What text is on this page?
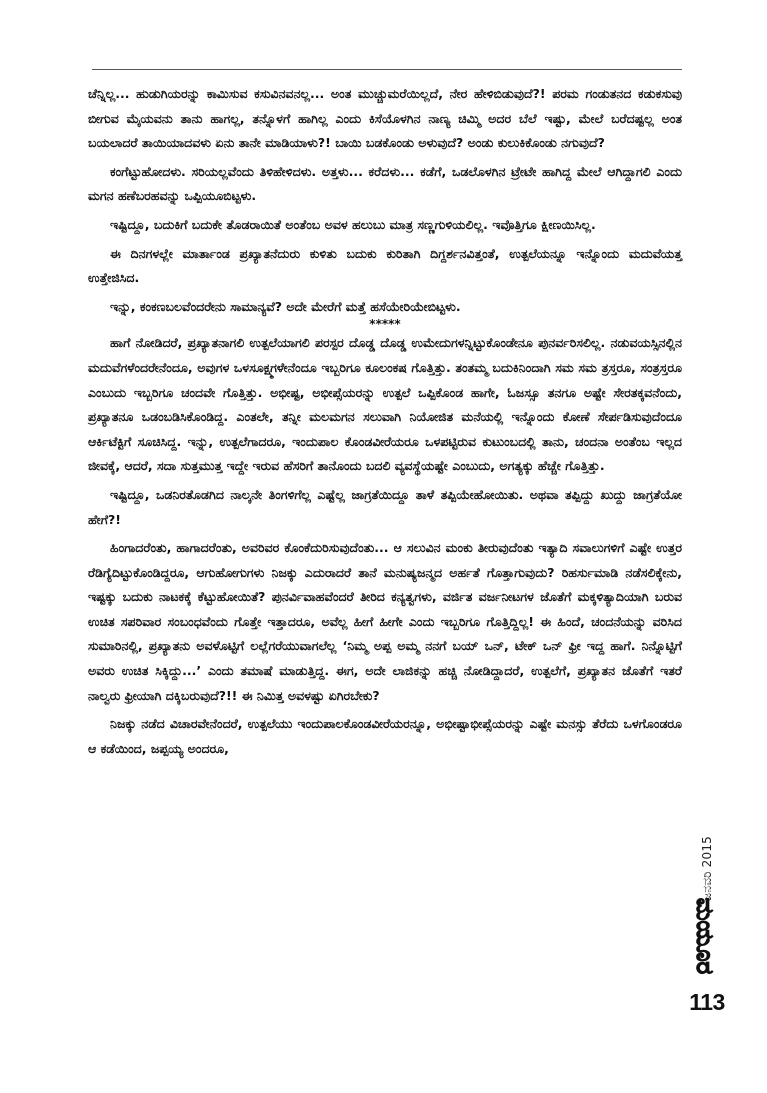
ಚೆನ್ನಿಲ್ಲ... ಹುಡುಗಿಯರನ್ನು ಕಾಮಿಸುವ ಕಸುವಿನವನಲ್ಲ... ಅಂತ ಮುಚ್ಚುಮರೆಯಿಲ್ಲದೆ, ನೇರ ಹೇಳಿಬಿಡುವುದೆ?! ಪರಮ ಗಂಡುತನದ ಕಡುಕಸುವು ಬೀಗುವ ಮೈಯವನು ತಾನು ಹಾಗಲ್ಲ, ತನ್ನೊಳಗೆ ಹಾಗಿಲ್ಲ ಎಂದು ಕಿಸೆಯೊಳಗಿನ ನಾಣ್ಯ ಚಿಮ್ಮಿ ಅದರ ಬೆಲೆ ಇಷ್ಟು, ಮೇಲೆ ಬರೆದಷ್ಟಲ್ಲ ಅಂತ ಬಯಲಾದರೆ ತಾಯಿಯಾದವಳು ಏನು ತಾನೇ ಮಾಡಿಯಾಳು?! ಬಾಯಿ ಬಡಕೊಂಡು ಅಳುವುದೆ? ಅಂಡು ಕುಲುಕಿಕೊಂಡು ನಗುವುದೆ?

ಕಂಗೆಟ್ಟುಹೋದಳು. ಸರಿಯಲ್ಲವೆಂದು ತಿಳಿಹೇಳಿದಳು. ಅತ್ತಳು... ಕರೆದಳು... ಕಡೆಗೆ, ಒಡಲೊಳಗಿನ ಟ್ರೇಟೇ ಹಾಗಿದ್ದ ಮೇಲೆ ಆಗಿದ್ದಾಗಲಿ ಎಂದು ಮಗನ ಹಣೆಬರಹವನ್ನು ಒಪ್ಪಿಯೂಬಿಟ್ಟಳು.

ಇಷ್ಟಿದ್ದೂ, ಬದುಕಿಗೆ ಬದುಕೇ ತೊಡರಾಯಿತೆ ಅಂತೆಂಬ ಅವಳ ಹಲುಬು ಮಾತ್ರ ಸಣ್ಣಗುಳಿಯಲಿಲ್ಲ. ಇವೊತ್ತಿಗೂ ಕ್ಷೀಣಯಿಸಿಲ್ಲ.

ಈ ದಿನಗಳಲ್ಲೇ ಮಾರ್ತಾಂಡ ಪ್ರಖ್ಯಾತನೆದುರು ಕುಳಿತು ಬದುಕು ಕುರಿತಾಗಿ ದಿಗ್ದರ್ಶನವಿತ್ತಂತೆ, ಉತ್ಪಲೆಯನ್ನೂ ಇನ್ನೊಂದು ಮದುವೆಯತ್ತ ಉತ್ತೇಜಿಸಿದ.

ಇನ್ನು, ಕಂಕಣಬಲವೆಂದರೇನು ಸಾಮಾನ್ಯವೆ? ಅದೇ ಮೇರೆಗೆ ಮತ್ತೆ ಹಸೆಯೇರಿಯೇಬಿಟ್ಟಳು.

*****

ಹಾಗೆ ನೋಡಿದರೆ, ಪ್ರಖ್ಯಾತನಾಗಲಿ ಉತ್ಪಲೆಯಾಗಲಿ ಪರಸ್ಪರ ದೊಡ್ಡ ದೊಡ್ಡ ಉಮೇದುಗಳನ್ನಿಟ್ಟುಕೊಂಡೇನೂ ಪುನರ್ವರಿಸಲಿಲ್ಲ. ನಡುವಯಸ್ಸಿನಲ್ಲಿನ ಮದುವೆಗಳೆಂದರೇನೆಂದೂ, ಅವುಗಳ ಒಳಸೂಕ್ಷ್ಮಗಳೇನೆಂದೂ ಇಬ್ಬರಿಗೂ ಕೂಲಂಕಷ ಗೊತ್ತಿತ್ತು. ತಂತಮ್ಮ ಬದುಕಿನಿಂದಾಗಿ ಸಮ ಸಮ ತ್ರಸ್ತರೂ, ಸಂತ್ರಸ್ತರೂ ಎಂಬುದು ಇಬ್ಬರಿಗೂ ಚಂದವೇ ಗೊತ್ತಿತ್ತು. ಅಭೀಷ್ಟ, ಅಭೀಪ್ಸೆಯರನ್ನು ಉತ್ಪಲೆ ಒಪ್ಪಿಕೊಂಡ ಹಾಗೇ, ಓಜಸ್ಸೂ ತನಗೂ ಅಷ್ಟೇ ಸೇರತಕ್ಕವನೆಂದು, ಪ್ರಖ್ಯಾತನೂ ಒಡಂಬಡಿಸಿಕೊಂಡಿದ್ದ. ಎಂತಲೇ, ತನ್ನೀ ಮಲಮಗನ ಸಲುವಾಗಿ ನಿಯೋಜಿತ ಮನೆಯಲ್ಲಿ ಇನ್ನೊಂದು ಕೋಣೆ ಸೇರ್ಪಡಿಸುವುದೆಂದೂ ಆರ್ಕಿಟೆಕ್ಟಿಗೆ ಸೂಚಿಸಿದ್ದ. ಇನ್ನು, ಉತ್ಪಲೆಗಾದರೂ, ಇಂದುಪಾಲ ಕೊಂಡವೀರೆಯರೂ ಒಳಪಟ್ಟಿರುವ ಕುಟುಂಬದಲ್ಲಿ ತಾನು, ಚಂದನಾ ಅಂತೆಂಬ ಇಲ್ಲದ ಜೀವಕ್ಕೆ, ಆದರೆ, ಸದಾ ಸುತ್ತಮುತ್ತ ಇದ್ದೇ ಇರುವ ಹೆಸರಿಗೆ ತಾನೊಂದು ಬದಲಿ ವ್ಯವಸ್ಥೆಯಷ್ಟೇ ಎಂಬುದು, ಅಗತ್ಯಕ್ಕು ಹೆಚ್ಚೇ ಗೊತ್ತಿತ್ತು.

ಇಷ್ಟಿದ್ದೂ, ಒಡನಿರತೊಡಗಿದ ನಾಲ್ಕನೇ ತಿಂಗಳಿಗೆಲ್ಲ ಎಷ್ಟೆಲ್ಲ ಜಾಗ್ರತೆಯಿದ್ದೂ ತಾಳೆ ತಪ್ಪಿಯೇಹೋಯಿತು. ಅಥವಾ ತಪ್ಪಿದ್ದು ಖುದ್ದು ಜಾಗ್ರತೆಯೋ ಹೇಗೆ?!

ಹಿಂಗಾದರೆಂತು, ಹಾಗಾದರೆಂತು, ಅವರಿವರ ಕೊಂಕೆದುರಿಸುವುದೆಂತು... ಆ ಸಲುವಿನ ಮಂಕು ತೀರುವುದೆಂತು ಇತ್ಯಾದಿ ಸವಾಲುಗಳಿಗೆ ಎಷ್ಟೇ ಉತ್ತರ ರೆಡಿಗ್ಯೆದಿಟ್ಟುಕೊಂಡಿದ್ದರೂ, ಆಗುಹೋಗುಗಳು ನಿಜಕ್ಕು ಎದುರಾದರೆ ತಾನೆ ಮನುಷ್ಯಜನ್ಮದ ಅರ್ಹತೆ ಗೊತ್ತಾಗುವುದು? ರಿಹರ್ಸುಮಾಡಿ ನಡೆಸಲಿಕ್ಕೇನು, ಇಷ್ಟಕ್ಕು ಬದುಕು ನಾಟಕಕ್ಕೆ ಕೆಟ್ಟುಹೋಯಿತೆ? ಪುನರ್ವಿವಾಹವೆಂದರೆ ತೀರಿದ ಕನ್ಯತ್ವಗಳು, ವರ್ಜಿತ ವರ್ಜನೀಟಗಳ ಜೊತೆಗೆ ಮಕ್ಕಳಿತ್ಯಾದಿಯಾಗಿ ಬರುವ ಉಚಿತ ಸಪರಿವಾರ ಸಂಬಂಧವೆಂದು ಗೊತ್ತೇ ಇತ್ತಾದರೂ, ಅವೆಲ್ಲ ಹೀಗೆ ಹೀಗೇ ಎಂದು ಇಬ್ಬರಿಗೂ ಗೊತ್ತಿದ್ದಿಲ್ಲ! ಈ ಹಿಂದೆ, ಚಂದನೆಯನ್ನು ವರಿಸಿದ ಸುಮಾರಿನಲ್ಲಿ, ಪ್ರಖ್ಯಾತನು ಅವಳೊಟ್ಟಿಗೆ ಲಲ್ಲೆಗರೆಯುವಾಗಲೆಲ್ಲ ‘ನಿಮ್ಮ ಅಪ್ಪ ಅಮ್ಮ ನನಗೆ ಬಯ್ ಒನ್, ಟೇಕ್ ಒನ್ ಫ್ರೀ ಇದ್ದ ಹಾಗೆ. ನಿನ್ನೊಟ್ಟಿಗೆ ಅವರು ಉಚಿತ ಸಿಕ್ಕಿದ್ದು...’ ಎಂದು ತಮಾಷೆ ಮಾಡುತ್ತಿದ್ದ. ಈಗ, ಅದೇ ಲಾಜಿಕನ್ನು ಹಚ್ಚಿ ನೋಡಿದ್ದಾದರೆ, ಉತ್ಪಲೆಗೆ, ಪ್ರಖ್ಯಾತನ ಜೊತೆಗೆ ಇತರೆ ನಾಲ್ವರು ಫ್ರೀಯಾಗಿ ದಕ್ಕಿಬರುವುದೆ?!! ಈ ನಿಮಿತ್ತ ಅವಳಷ್ಟು ಏಗಿರಬೇಕು?

ನಿಜಕ್ಕು ನಡೆದ ವಿಚಾರವೇನೆಂದರೆ, ಉತ್ಪಲೆಯು ಇಂದುಪಾಲಕೊಂಡವೀರೆಯರನ್ನೂ, ಅಭೀಷ್ಟಾಭೀಪ್ಸೆಯರನ್ನು ಎಷ್ಟೇ ಮನಸ್ಸು ತೆರೆದು ಒಳಗೊಂಡರೂ ಆ ಕಡೆಯಿಂದ, ಜಪ್ಪಯ್ಯ ಅಂದರೂ,

ಜನವರಿ 2015
ಮಯೂರ
113
